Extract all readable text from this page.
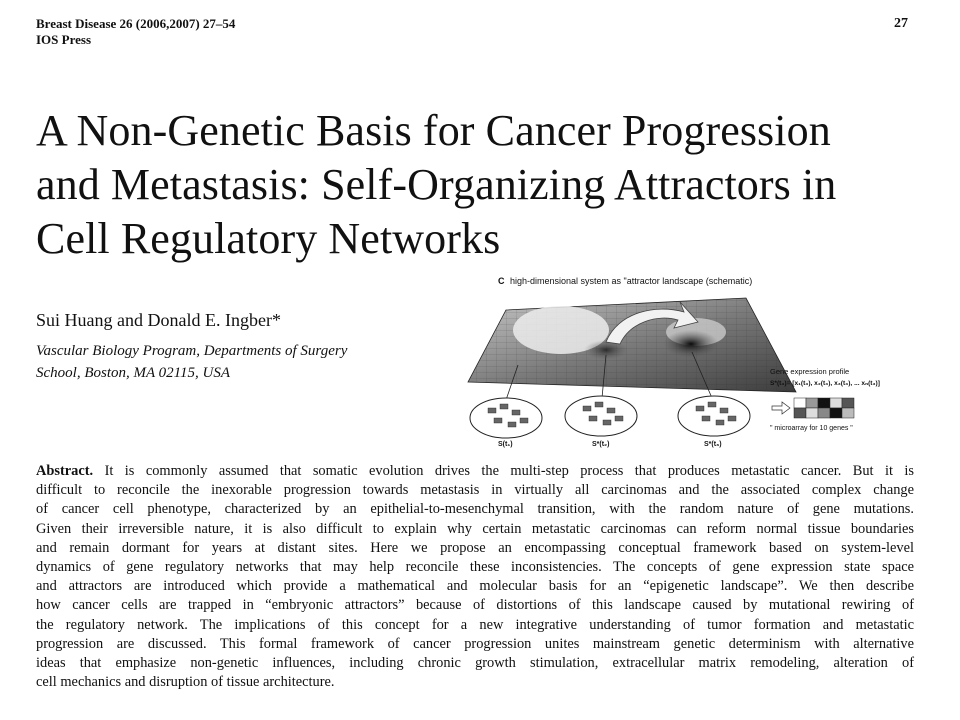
Breast Disease 26 (2006,2007) 27–54
IOS Press
27
A Non-Genetic Basis for Cancer Progression
and Metastasis: Self-Organizing Attractors in
Cell Regulatory Networks
Sui Huang and Donald E. Ingber*
Vascular Biology Program, Departments of Surgery
School, Boston, MA 02115, USA
C high-dimensional system as "attractor landscape (schematic)
S(t₁)	S*(t₂)	S*(t₃)
Gene expression profile
S*(t₃)= [x₁(t₃), x₂(t₃), x₃(t₃), ... xₙ(t₃)]
" microarray for 10 genes "
Abstract. It is commonly assumed that somatic evolution drives the multi-step process that produces metastatic cancer. But it is
difficult to reconcile the inexorable progression towards metastasis in virtually all carcinomas and the associated complex change
of cancer cell phenotype, characterized by an epithelial-to-mesenchymal transition, with the random nature of gene mutations.
Given their irreversible nature, it is also difficult to explain why certain metastatic carcinomas can reform normal tissue boundaries
and remain dormant for years at distant sites. Here we propose an encompassing conceptual framework based on system-level
dynamics of gene regulatory networks that may help reconcile these inconsistencies. The concepts of gene expression state space
and attractors are introduced which provide a mathematical and molecular basis for an “epigenetic landscape”. We then describe
how cancer cells are trapped in “embryonic attractors” because of distortions of this landscape caused by mutational rewiring of
the regulatory network. The implications of this concept for a new integrative understanding of tumor formation and metastatic
progression are discussed. This formal framework of cancer progression unites mainstream genetic determinism with alternative
ideas that emphasize non-genetic influences, including chronic growth stimulation, extracellular matrix remodeling, alteration of
cell mechanics and disruption of tissue architecture.
